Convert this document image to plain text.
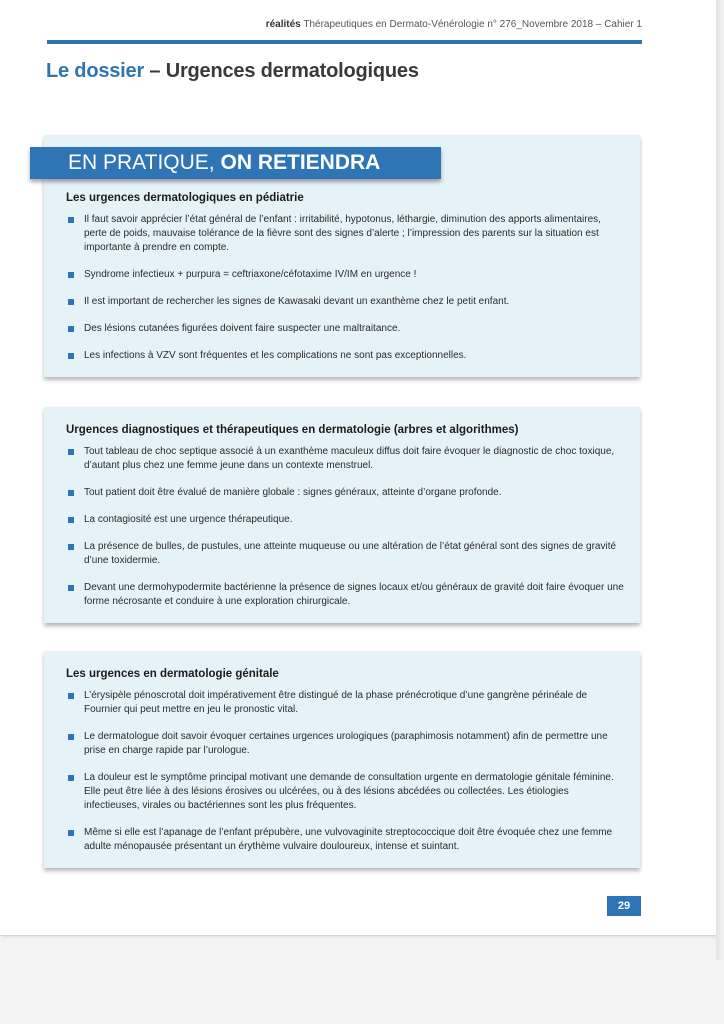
réalités Thérapeutiques en Dermato-Vénérologie n° 276_Novembre 2018 – Cahier 1
Le dossier – Urgences dermatologiques
Les urgences dermatologiques en pédiatrie
Il faut savoir apprécier l’état général de l’enfant : irritabilité, hypotonus, léthargie, diminution des apports alimentaires, perte de poids, mauvaise tolérance de la fièvre sont des signes d’alerte ; l’impression des parents sur la situation est importante à prendre en compte.
Syndrome infectieux + purpura = ceftriaxone/céfotaxime IV/IM en urgence !
Il est important de rechercher les signes de Kawasaki devant un exanthème chez le petit enfant.
Des lésions cutanées figurées doivent faire suspecter une maltraitance.
Les infections à VZV sont fréquentes et les complications ne sont pas exceptionnelles.
EN PRATIQUE, ON RETIENDRA
Urgences diagnostiques et thérapeutiques en dermatologie (arbres et algorithmes)
Tout tableau de choc septique associé à un exanthème maculeux diffus doit faire évoquer le diagnostic de choc toxique, d’autant plus chez une femme jeune dans un contexte menstruel.
Tout patient doit être évalué de manière globale : signes généraux, atteinte d’organe profonde.
La contagiosité est une urgence thérapeutique.
La présence de bulles, de pustules, une atteinte muqueuse ou une altération de l’état général sont des signes de gravité d’une toxidermie.
Devant une dermohypodermite bactérienne la présence de signes locaux et/ou généraux de gravité doit faire évoquer une forme nécrosante et conduire à une exploration chirurgicale.
Les urgences en dermatologie génitale
L’érysipèle pénoscrotal doit impérativement être distingué de la phase prénécrotique d’une gangrène périnéale de Fournier qui peut mettre en jeu le pronostic vital.
Le dermatologue doit savoir évoquer certaines urgences urologiques (paraphimosis notamment) afin de permettre une prise en charge rapide par l’urologue.
La douleur est le symptôme principal motivant une demande de consultation urgente en dermatologie génitale féminine. Elle peut être liée à des lésions érosives ou ulcérées, ou à des lésions abcédées ou collectées. Les étiologies infectieuses, virales ou bactériennes sont les plus fréquentes.
Même si elle est l’apanage de l’enfant prépubère, une vulvovaginite streptococcique doit être évoquée chez une femme adulte ménopausée présentant un érythème vulvaire douloureux, intense et suintant.
29
